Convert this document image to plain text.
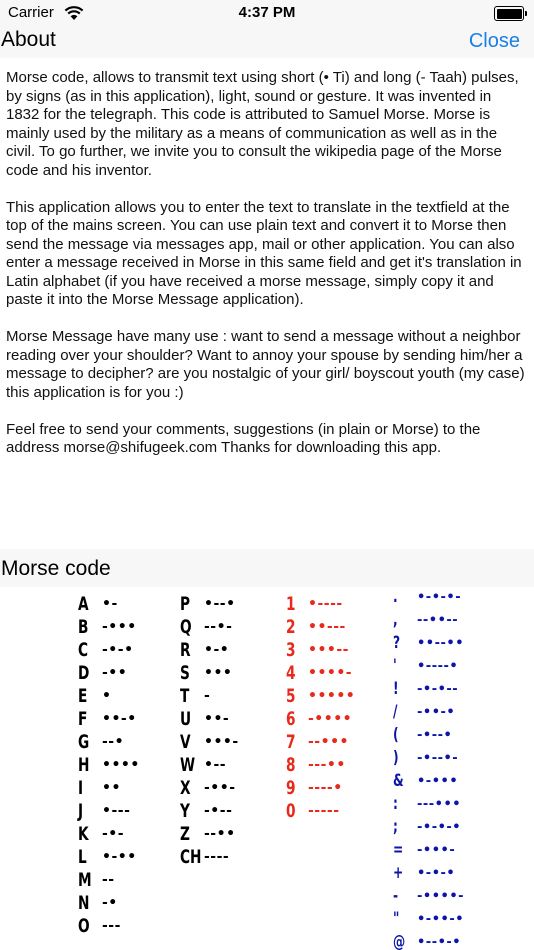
Carrier	4:37 PM
About	Close

Morse code, allows to transmit text using short (• Ti) and long (- Taah) pulses, by signs (as in this application), light, sound or gesture. It was invented in 1832 for the telegraph. This code is attributed to Samuel Morse. Morse is mainly used by the military as a means of communication as well as in the civil. To go further, we invite you to consult the wikipedia page of the Morse code and his inventor.

This application allows you to enter the text to translate in the textfield at the top of the mains screen. You can use plain text and convert it to Morse then send the message via messages app, mail or other application. You can also enter a message received in Morse in this same field and get it's translation in Latin alphabet (if you have received a morse message, simply copy it and paste it into the Morse Message application).

Morse Message have many use : want to send a message without a neighbor reading over your shoulder? Want to annoy your spouse by sending him/her a message to decipher? are you nostalgic of your girl/ boyscout youth (my case) this application is for you :)

Feel free to send your comments, suggestions (in plain or Morse) to the address morse@shifugeek.com Thanks for downloading this app.

Morse code
A •-
B -•••
C -•-•
D -••
E •
F ••-•
G --•
H ••••
I ••
J •---
K -•-
L •-••
M --
N -•
O ---
P •--•
Q --•-
R •-•
S •••
T -
U ••-
V •••-
W •--
X -••-
Y -•--
Z --••
CH ----
1 •----
2 ••---
3 •••--
4 ••••-
5 •••••
6 -••••
7 --•••
8 ---••
9 ----•
0 -----
. •-•-•-
, --••--
? ••--••
' •----•
! -•-•--
/ -••-•
( -•--•
) -•--•-
& •-•••
: ---•••
; -•-•-•
= -•••-
+ •-•-•
- -••••-
" •-••-•
@ •--•-•
